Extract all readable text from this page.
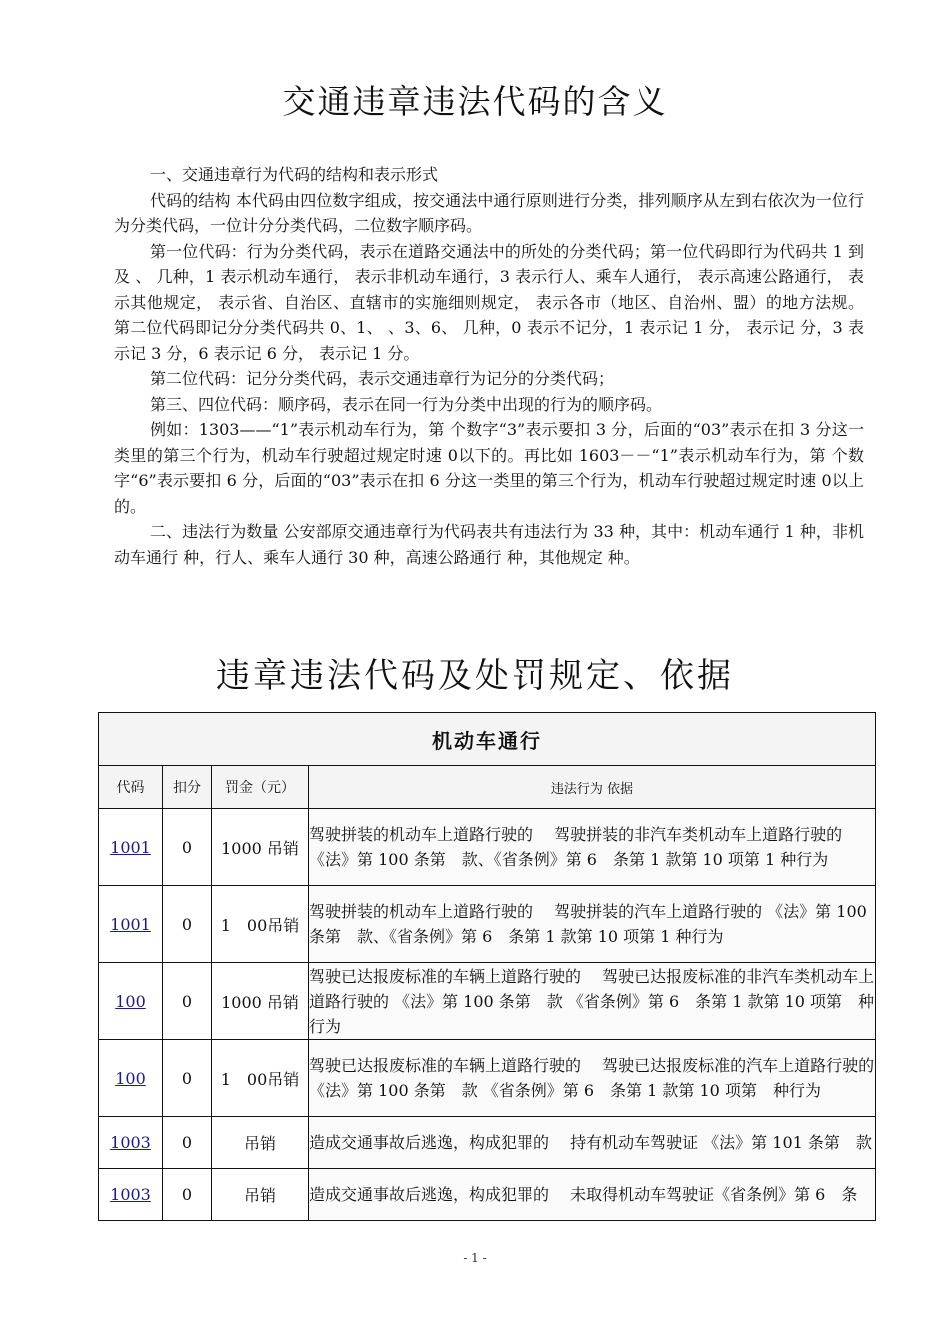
交通违章违法代码的含义

一、交通违章行为代码的结构和表示形式

代码的结构 本代码由四位数字组成，按交通法中通行原则进行分类，排列顺序从左到右依次为一位行为分类代码，一位计分分类代码，二位数字顺序码。

第一位代码：行为分类代码，表示在道路交通法中的所处的分类代码；第一位代码即行为代码共 1 到 及 、 几种，1 表示机动车通行， 表示非机动车通行，3 表示行人、乘车人通行， 表示高速公路通行， 表示其他规定， 表示省、自治区、直辖市的实施细则规定， 表示各市（地区、自治州、盟）的地方法规。 第二位代码即记分分类代码共 0、1、 、3、6、 几种，0 表示不记分，1 表示记 1 分， 表示记 分，3 表示记 3 分，6 表示记 6 分， 表示记 1 分。

第二位代码：记分分类代码，表示交通违章行为记分的分类代码；

第三、四位代码：顺序码，表示在同一行为分类中出现的行为的顺序码。

例如：1303——“1”表示机动车行为，第 个数字“3”表示要扣 3 分，后面的“03”表示在扣 3 分这一类里的第三个行为，机动车行驶超过规定时速 0以下的。再比如 1603－－“1”表示机动车行为，第 个数字“6”表示要扣 6 分，后面的“03”表示在扣 6 分这一类里的第三个行为，机动车行驶超过规定时速 0以上的。

二、违法行为数量 公安部原交通违章行为代码表共有违法行为 33 种，其中：机动车通行 1 种，非机动车通行 种，行人、乘车人通行 30 种，高速公路通行 种，其他规定 种。

违章违法代码及处罚规定、依据
机动车通行			
代码	扣分	罚金（元）	违法行为 依据
1001	0	1000 吊销	驾驶拼装的机动车上道路行驶的　 驾驶拼装的非汽车类机动车上道路行驶的 《法》第 100 条第　款、《省条例》第 6　条第 1 款第 10 项第 1 种行为
1001	0	1　00吊销	驾驶拼装的机动车上道路行驶的　 驾驶拼装的汽车上道路行驶的 《法》第 100 条第　款、《省条例》第 6　条第 1 款第 10 项第 1 种行为
100	0	1000 吊销	驾驶已达报废标准的车辆上道路行驶的　 驾驶已达报废标准的非汽车类机动车上道路行驶的 《法》第 100 条第　款 《省条例》第 6　条第 1 款第 10 项第　种行为
100	0	1　00吊销	驾驶已达报废标准的车辆上道路行驶的　 驾驶已达报废标准的汽车上道路行驶的 《法》第 100 条第　款 《省条例》第 6　条第 1 款第 10 项第　种行为
1003	0	吊销	造成交通事故后逃逸，构成犯罪的　 持有机动车驾驶证 《法》第 101 条第　款
1003	0	吊销	造成交通事故后逃逸，构成犯罪的　 未取得机动车驾驶证《省条例》第 6　条
- 1 -
